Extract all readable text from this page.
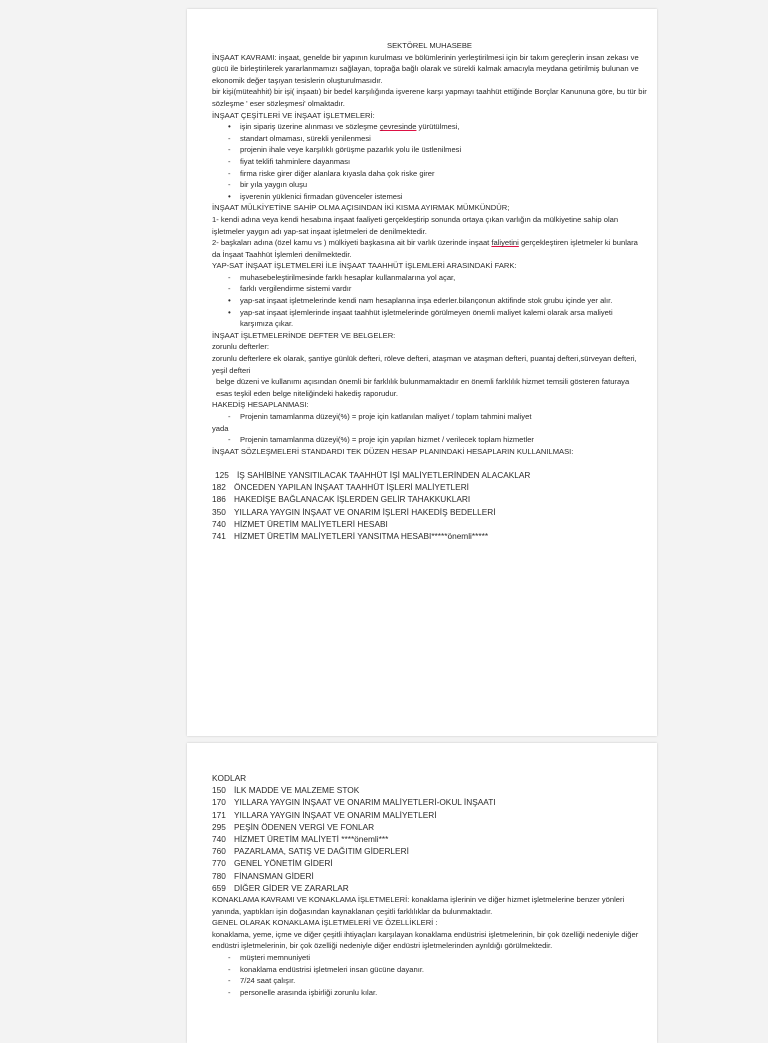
SEKTÖREL MUHASEBE

İNŞAAT KAVRAMI: inşaat, genelde bir yapının kurulması ve bölümlerinin yerleştirilmesi için bir takım gereçlerin insan zekası ve gücü ile birleştirilerek yararlanmamızı sağlayan, toprağa bağlı olarak ve sürekli kalmak amacıyla meydana getirilmiş bulunan ve ekonomik değer taşıyan tesislerin oluşturulmasıdır.

bir kişi(müteahhit) bir işi( inşaatı) bir bedel karşılığında işverene karşı yapmayı taahhüt ettiğinde Borçlar Kanununa göre, bu tür bir sözleşme ' eser sözleşmesi' olmaktadır.

İNŞAAT ÇEŞİTLERİ VE İNŞAAT İŞLETMELERİ:

• işin sipariş üzerine alınması ve sözleşme çevresinde yürütülmesi,
- standart olmaması, sürekli yenilenmesi
- projenin ihale veye karşılıklı görüşme pazarlık yolu ile üstlenilmesi
- fiyat teklifi tahminlere dayanması
- firma riske girer diğer alanlara kıyasla daha çok riske girer
- bir yıla yaygın oluşu
• işverenin yüklenici firmadan güvenceler istemesi

İNŞAAT MÜLKİYETİNE SAHİP OLMA AÇISINDAN İKİ KISMA AYIRMAK MÜMKÜNDÜR;

1- kendi adına veya kendi hesabına inşaat faaliyeti gerçekleştirip sonunda ortaya çıkan varlığın da mülkiyetine sahip olan işletmeler yaygın adı yap-sat inşaat işletmeleri de denilmektedir.

2- başkaları adına (özel kamu vs ) mülkiyeti başkasına ait bir varlık üzerinde inşaat faliyetini gerçekleştiren işletmeler ki bunlara da İnşaat Taahhüt İşlemleri denilmektedir.

YAP-SAT İNŞAAT İŞLETMELERİ İLE İNŞAAT TAAHHÜT İŞLEMLERİ ARASINDAKİ FARK:

- muhasebeleştirilmesinde farklı hesaplar kullanmalarına yol açar,
- farklı vergilendirme sistemi vardır
• yap-sat inşaat işletmelerinde kendi nam hesaplarına inşa ederler.bilançonun aktifinde stok grubu içinde yer alır.
• yap-sat inşaat işlemlerinde inşaat taahhüt işletmelerinde görülmeyen önemli maliyet kalemi olarak arsa maliyeti karşımıza çıkar.

İNŞAAT İŞLETMELERİNDE DEFTER VE BELGELER:

zorunlu defterler:

zorunlu defterlere ek olarak, şantiye günlük defteri, röleve defteri, ataşman ve ataşman defteri, puantaj defteri,sürveyan defteri, yeşil defteri

belge düzeni ve kullanımı açısından önemli bir farklılık bulunmamaktadır en önemli farklılık hizmet temsili gösteren faturaya esas teşkil eden belge niteliğindeki hakediş raporudur.

HAKEDİŞ HESAPLANMASI:

- Projenin tamamlanma düzeyi(%) = proje için katlanılan maliyet / toplam tahmini maliyet

yada

- Projenin tamamlanma düzeyi(%) = proje için yapılan hizmet / verilecek toplam hizmetler

İNŞAAT SÖZLEŞMELERİ STANDARDI TEK DÜZEN HESAP PLANINDAKİ HESAPLARIN KULLANILMASI:

125 İŞ SAHİBİNE YANSITILACAK TAAHHÜT İŞİ MALİYETLERİNDEN ALACAKLAR
182 ÖNCEDEN YAPILAN İNŞAAT TAAHHÜT İŞLERİ MALİYETLERİ
186 HAKEDİŞE BAĞLANACAK İŞLERDEN GELİR TAHAKKUKLARI
350 YILLARA YAYGIN İNŞAAT VE ONARIM İŞLERİ HAKEDİŞ BEDELLERİ
740 HİZMET ÜRETİM MALİYETLERİ HESABI
741 HİZMET ÜRETİM MALİYETLERİ YANSITMA HESABI*****önemli*****
KODLAR
150 İLK MADDE VE MALZEME STOK
170 YILLARA YAYGIN İNŞAAT VE ONARIM MALİYETLERİ-OKUL İNŞAATI
171 YILLARA YAYGIN İNŞAAT VE ONARIM MALİYETLERİ
295 PEŞİN ÖDENEN VERGİ VE FONLAR
740 HİZMET ÜRETİM MALİYETİ ****önemli***
760 PAZARLAMA, SATIŞ VE DAĞITIM GİDERLERİ
770 GENEL YÖNETİM GİDERİ
780 FİNANSMAN GİDERİ
659 DİĞER GİDER VE ZARARLAR

KONAKLAMA KAVRAMI VE KONAKLAMA İŞLETMELERİ: konaklama işlerinin ve diğer hizmet işletmelerine benzer yönleri yanında, yaptıkları işin doğasından kaynaklanan çeşitli farklılıklar da bulunmaktadır.

GENEL OLARAK KONAKLAMA İŞLETMELERİ VE ÖZELLİKLERİ :

konaklama, yeme, içme ve diğer çeşitli ihtiyaçları karşılayan konaklama endüstrisi işletmelerinin, bir çok özelliği nedeniyle diğer endüstri işletmelerinin, bir çok özelliği nedeniyle diğer endüstri işletmelerinden ayrıldığı görülmektedir.

- müşteri memnuniyeti
- konaklama endüstrisi işletmeleri insan gücüne dayanır.
- 7/24 saat çalışır.
- personelle arasında işbirliği zorunlu kılar.
